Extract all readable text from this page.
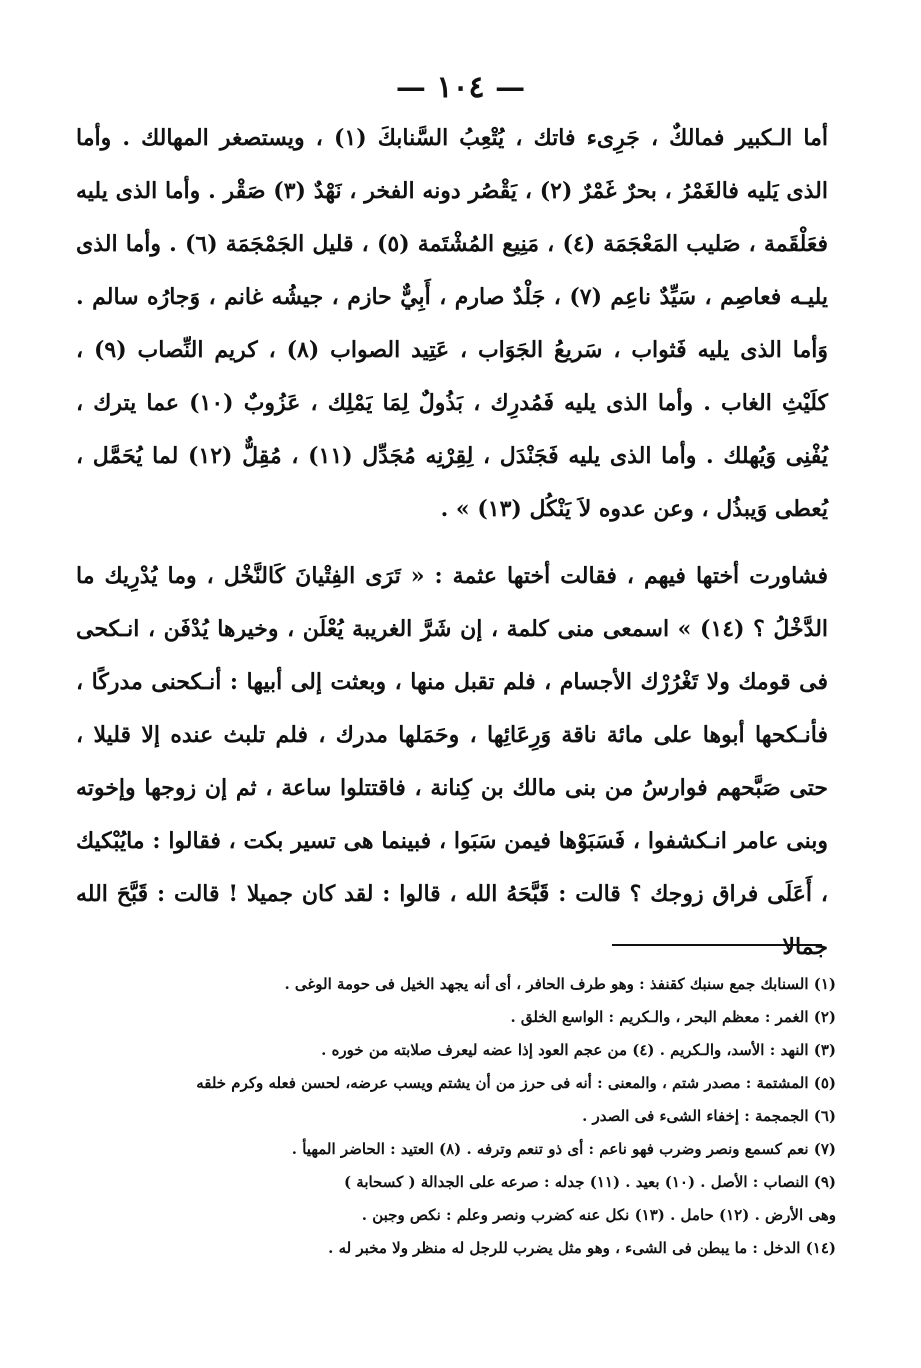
— ١٠٤ —

أما الـكبير فمالكٌ ، جَرِىء فاتك ، يُتْعِبُ السَّنابكَ (١) ، ويستصغر المهالك . وأما الذى يَليه فالغَمْرُ ، بحرٌ غَمْرٌ (٢) ، يَقْصُر دونه الفخر ، نَهْدٌ (٣) صَقْر . وأما الذى يليه فعَلْقَمة ، صَليب المَعْجَمَة (٤) ، مَنِيع المُشْتَمة (٥) ، قليل الجَمْجَمَة (٦) . وأما الذى يليـه فعاصِم ، سَيِّدٌ ناعِم (٧) ، جَلْدٌ صارم ، أَبِيٌّ حازم ، جيشُه غانم ، وَجارُه سالم . وَأما الذى يليه فَثواب ، سَريعُ الجَوَاب ، عَتِيد الصواب (٨) ، كريم النِّصاب (٩) ، كلَيْثِ الغاب . وأما الذى يليه فَمُدرِك ، بَذُولٌ لِمَا يَمْلِك ، عَزُوبٌ (١٠) عما يترك ، يُفْنِى وَيُهلك . وأما الذى يليه فَجَنْدَل ، لِقِرْنِه مُجَدِّل (١١) ، مُقِلٌّ (١٢) لما يُحَمَّل ، يُعطى وَيبذُل ، وعن عدوه لاَ يَنْكُل (١٣) » .

فشاورت أختها فيهم ، فقالت أختها عثمة : « تَرَى الفِتْيانَ كَالنَّخْل ، وما يُدْرِيك ما الدَّخْلُ ؟ (١٤) » اسمعى منى كلمة ، إن شَرَّ الغريبة يُعْلَن ، وخيرها يُدْفَن ، انـكحى فى قومك ولا تَغْرُرْك الأجسام ، فلم تقبل منها ، وبعثت إلى أبيها : أنـكحنى مدركًا ، فأنـكحها أبوها على مائة ناقة وَرِعَائِها ، وحَمَلها مدرك ، فلم تلبث عنده إلا قليلا ، حتى صَبَّحهم فوارسُ من بنى مالك بن كِنانة ، فاقتتلوا ساعة ، ثم إن زوجها وإخوته وبنى عامر انـكشفوا ، فَسَبَوْها فيمن سَبَوا ، فبينما هى تسير بكت ، فقالوا : مايُبْكيك ، أَعَلَى فراق زوجك ؟ قالت : قَبَّحَهُ الله ، قالوا : لقد كان جميلا ! قالت : قَبَّحَ الله جمالا

(١) السنابك جمع سنبك كقنفذ : وهو طرف الحافر ، أى أنه يجهد الخيل فى حومة الوغى .
(٢) الغمر : معظم البحر ، والـكريم : الواسع الخلق .
(٣) النهد : الأسد، والـكريم . (٤) من عجم العود إذا عضه ليعرف صلابته من خوره .
(٥) المشتمة : مصدر شتم ، والمعنى : أنه فى حرز من أن يشتم ويسب عرضه، لحسن فعله وكرم خلقه
(٦) الجمجمة : إخفاء الشىء فى الصدر .
(٧) نعم كسمع ونصر وضرب فهو ناعم : أى ذو تنعم وترفه . (٨) العتيد : الحاضر المهيأ .
(٩) النصاب : الأصل . (١٠) بعيد . (١١) جدله : صرعه على الجدالة ( كسحابة )
وهى الأرض . (١٢) حامل . (١٣) نكل عنه كضرب ونصر وعلم : نكص وجبن .
(١٤) الدخل : ما يبطن فى الشىء ، وهو مثل يضرب للرجل له منظر ولا مخبر له .
